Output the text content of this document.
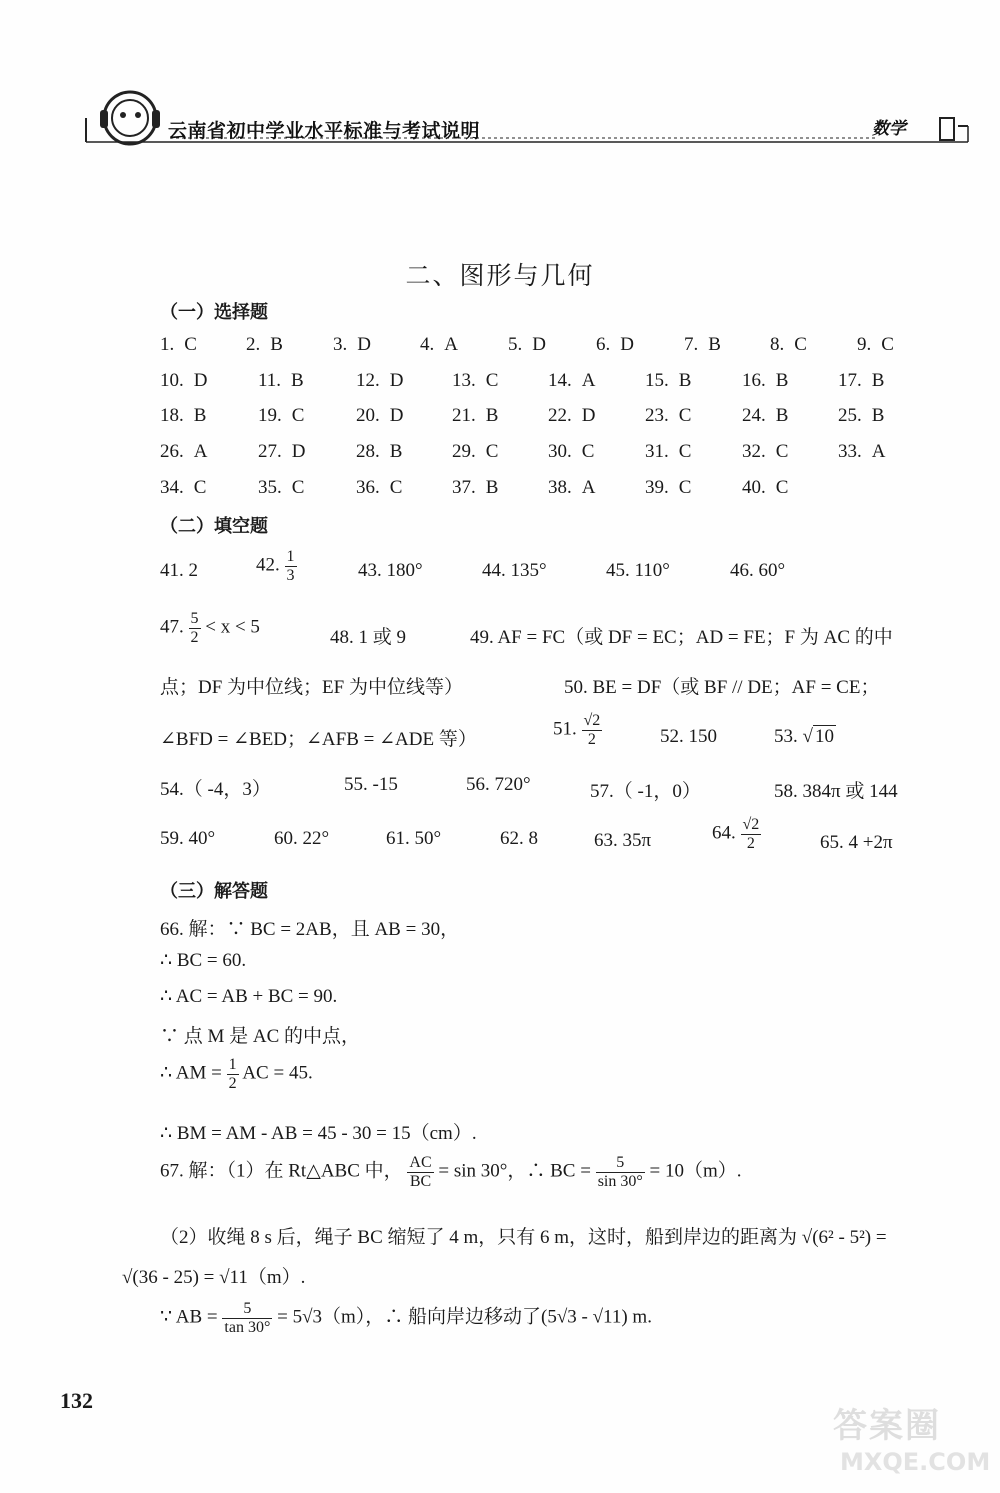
云南省初中学业水平标准与考试说明	数学
二、图形与几何
（一）选择题
1. C	2. B	3. D	4. A	5. D	6. D	7. B	8. C	9. C
10. D	11. B	12. D	13. C	14. A	15. B	16. B	17. B
18. B	19. C	20. D	21. B	22. D	23. C	24. B	25. B
26. A	27. D	28. B	29. C	30. C	31. C	32. C	33. A
34. C	35. C	36. C	37. B	38. A	39. C	40. C
（二）填空题
41. 2	42. $\frac{1}{3}$	43. 180°	44. 135°	45. 110°	46. 60°
47. $\frac{5}{2} < x < 5$
48. 1 或 9	49. AF = FC（或 DF = EC；AD = FE；F 为 AC 的中
点；DF 为中位线；EF 为中位线等）	50. BE = DF（或 BF // DE；AF = CE；
∠BFD = ∠BED；∠AFB = ∠ADE 等）
51. $\frac{√2}{2}$	52. 150	53. √ 10
54.（ -4，3）	55. -15	56. 720°	57.（ -1，0）	58. 384π 或 144
59. 40°	60. 22°	61. 50°	62. 8	63. 35π	64. $\frac{√2}{2}$	65. 4 +2π
（三）解答题
66. 解：∵ BC = 2AB，且 AB = 30，
∴ BC = 60.
∴ AC = AB + BC = 90.
∵ 点 M 是 AC 的中点，
∴ AM = $\frac{1}{2}$ AC = 45.
∴ BM = AM - AB = 45 - 30 = 15（cm）.
67. 解：（1）在 Rt△ABC 中， $\frac{AC}{BC} = \sin 30^\circ$，∴ BC = $\frac{5}{\sin 30^\circ} = 10(m)$.
（2）收绳 8 s 后，绳子 BC 缩短了 4 m，只有 6 m，这时，船到岸边的距离为 √(6² - 5²) =
√(36 - 25) = √11（m）.
∵ AB = $\frac{5}{\tan 30^\circ} = 5√3(m)$，∴ 船向岸边移动了(5√3 - √11) m.
132
答案圈
MXQE.COM
